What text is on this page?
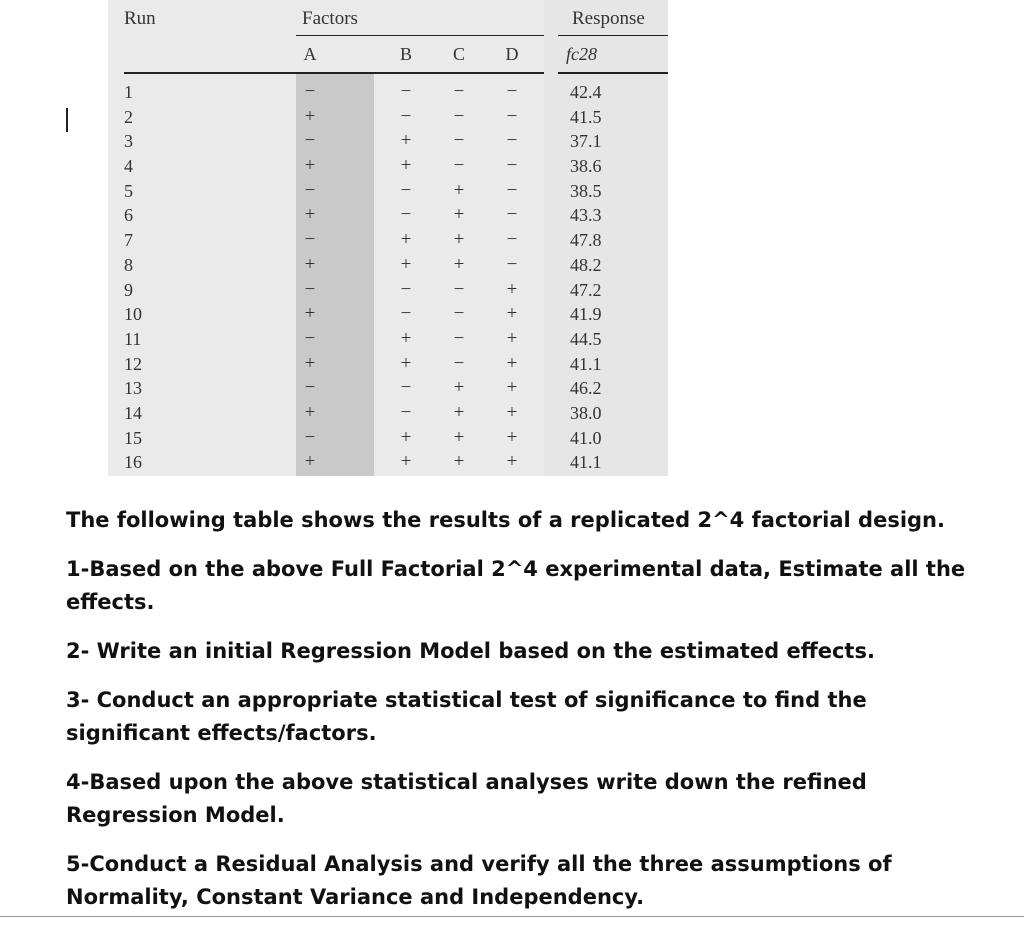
Run	Factors	Response
A	B	C	D	fc28
1	−	−	−	−	42.4
2	+	−	−	−	41.5
3	−	+	−	−	37.1
4	+	+	−	−	38.6
5	−	−	+	−	38.5
6	+	−	+	−	43.3
7	−	+	+	−	47.8
8	+	+	+	−	48.2
9	−	−	−	+	47.2
10	+	−	−	+	41.9
11	−	+	−	+	44.5
12	+	+	−	+	41.1
13	−	−	+	+	46.2
14	+	−	+	+	38.0
15	−	+	+	+	41.0
16	+	+	+	+	41.1

The following table shows the results of a replicated 2^4 factorial design.

1-Based on the above Full Factorial 2^4 experimental data, Estimate all the effects.

2- Write an initial Regression Model based on the estimated effects.

3- Conduct an appropriate statistical test of significance to find the significant effects/factors.

4-Based upon the above statistical analyses write down the refined Regression Model.

5-Conduct a Residual Analysis and verify all the three assumptions of Normality, Constant Variance and Independency.
